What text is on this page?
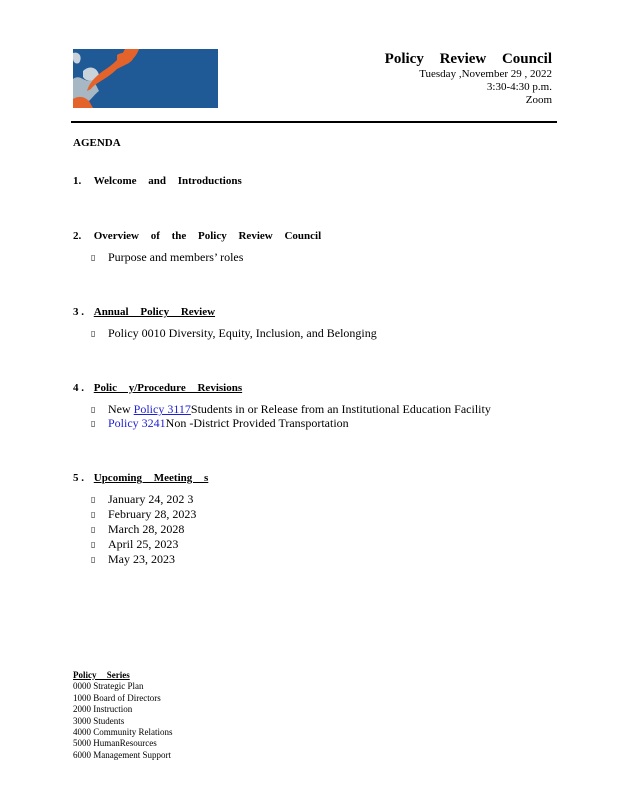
Policy Review Council
Tuesday ,November 29 , 2022
3:30-4:30 p.m.
Zoom
AGENDA
1. Welcome and Introductions
2. Overview of the Policy Review Council
▯ Purpose and members’ roles
3 . Annual Policy Review
▯ Policy 0010 Diversity, Equity, Inclusion, and Belonging
4 . Polic y/Procedure Revisions
▯ New Policy 3117Students in or Release from an Institutional Education Facility
▯ Policy 3241Non -District Provided Transportation
5 . Upcoming Meeting s
▯ January 24, 202 3
▯ February 28, 2023
▯ March 28, 2028
▯ April 25, 2023
▯ May 23, 2023
Policy Series
0000 Strategic Plan
1000 Board of Directors
2000 Instruction
3000 Students
4000 Community Relations
5000 HumanResources
6000 Management Support
